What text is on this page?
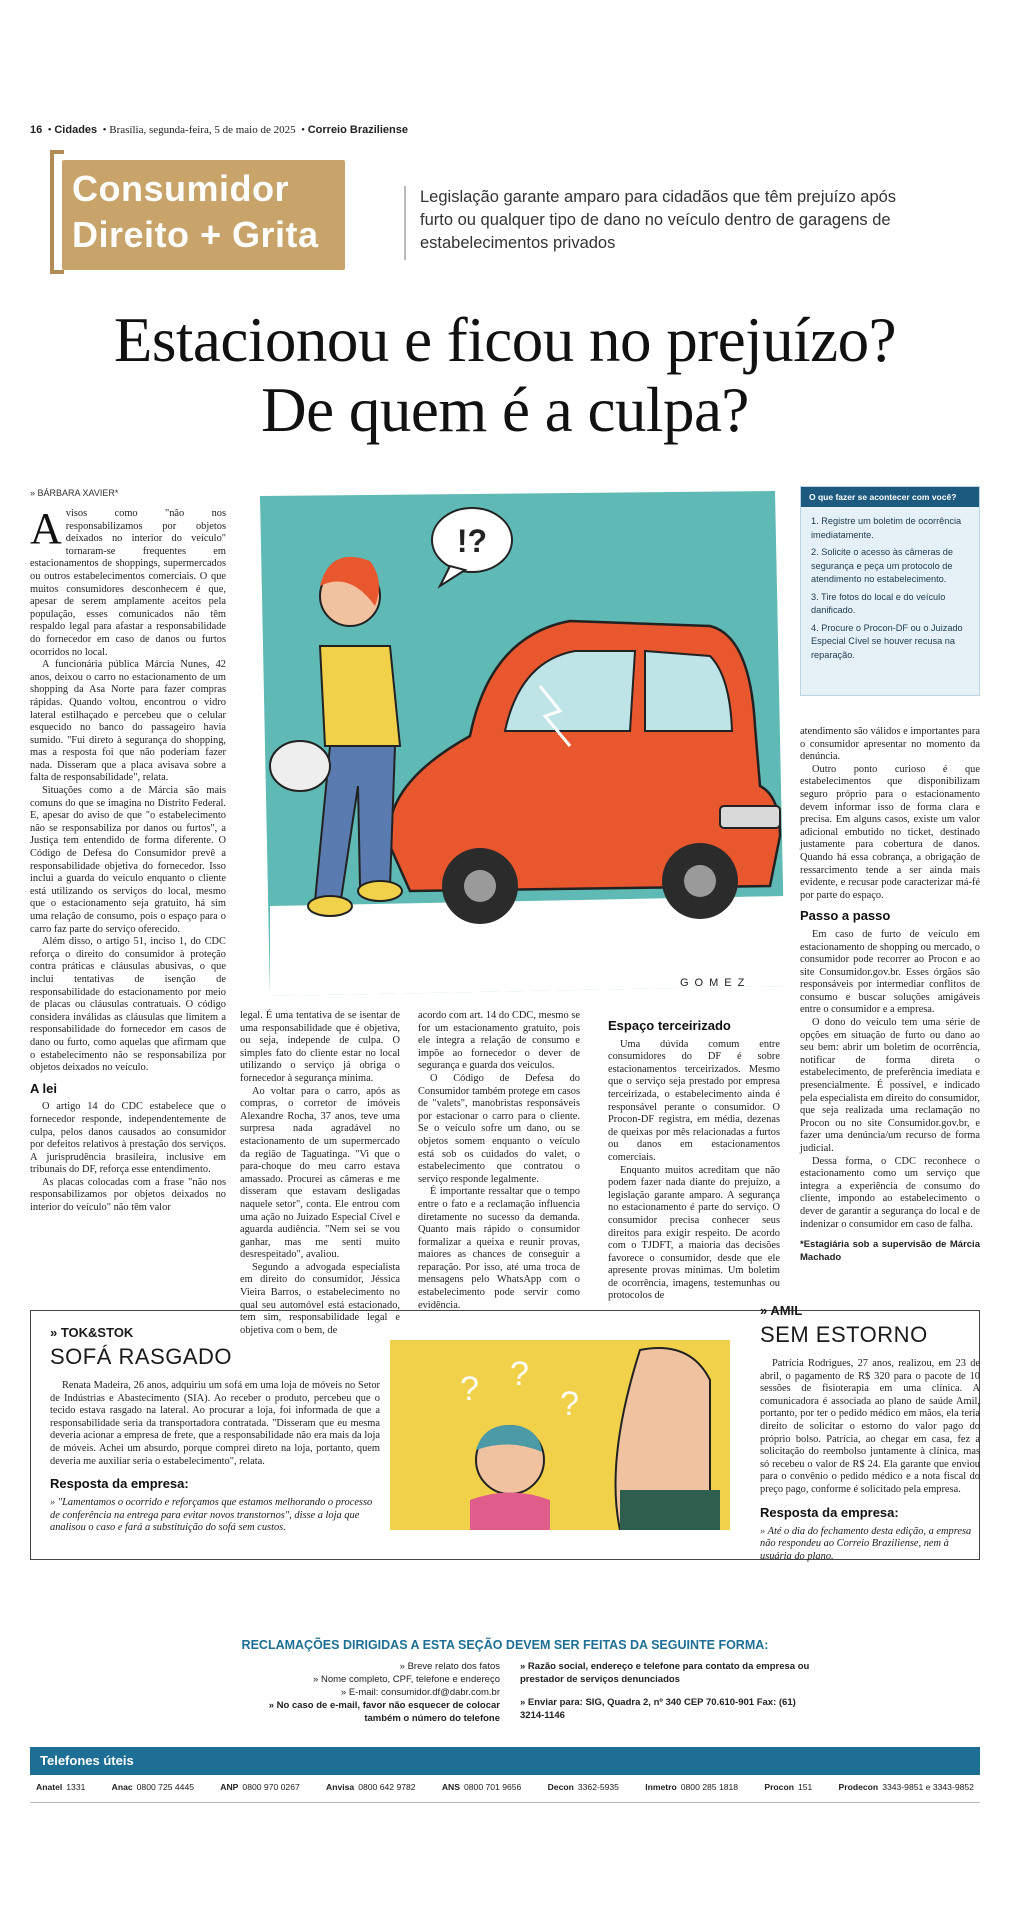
16  • Cidades  • Brasília, segunda-feira, 5 de maio de 2025  • Correio Braziliense
Consumidor
Direito + Grita
Legislação garante amparo para cidadãos que têm prejuízo após furto ou qualquer tipo de dano no veículo dentro de garagens de estabelecimentos privados
Estacionou e ficou no prejuízo?
De quem é a culpa?
» BÁRBARA XAVIER*

Avisos como "não nos responsabilizamos por objetos deixados no interior do veículo" tornaram-se frequentes em estacionamentos de shoppings, supermercados ou outros estabelecimentos comerciais. O que muitos consumidores desconhecem é que, apesar de serem amplamente aceitos pela população, esses comunicados não têm respaldo legal para afastar a responsabilidade do fornecedor em caso de danos ou furtos ocorridos no local.

A funcionária pública Márcia Nunes, 42 anos, deixou o carro no estacionamento de um shopping da Asa Norte para fazer compras rápidas. Quando voltou, encontrou o vidro lateral estilhaçado e percebeu que o celular esquecido no banco do passageiro havia sumido. "Fui direto à segurança do shopping, mas a resposta foi que não poderiam fazer nada. Disseram que a placa avisava sobre a falta de responsabilidade", relata.

Situações como a de Márcia são mais comuns do que se imagina no Distrito Federal. E, apesar do aviso de que "o estabelecimento não se responsabiliza por danos ou furtos", a Justiça tem entendido de forma diferente. O Código de Defesa do Consumidor prevê a responsabilidade objetiva do fornecedor. Isso inclui a guarda do veículo enquanto o cliente está utilizando os serviços do local, mesmo que o estacionamento seja gratuito, há sim uma relação de consumo, pois o espaço para o carro faz parte do serviço oferecido.

Além disso, o artigo 51, inciso 1, do CDC reforça o direito do consumidor à proteção contra práticas e cláusulas abusivas, o que inclui tentativas de isenção de responsabilidade do estacionamento por meio de placas ou cláusulas contratuais. O código considera inválidas as cláusulas que limitem a responsabilidade do fornecedor em casos de dano ou furto, como aquelas que afirmam que o estabelecimento não se responsabiliza por objetos deixados no veículo.

A lei

O artigo 14 do CDC estabelece que o fornecedor responde, independentemente de culpa, pelos danos causados ao consumidor por defeitos relativos à prestação dos serviços. A jurisprudência brasileira, inclusive em tribunais do DF, reforça esse entendimento.

As placas colocadas com a frase "não nos responsabilizamos por objetos deixados no interior do veículo" não têm valor

!?
GOMEZ
O que fazer se acontecer com você?
1. Registre um boletim de ocorrência imediatamente.
2. Solicite o acesso às câmeras de segurança e peça um protocolo de atendimento no estabelecimento.
3. Tire fotos do local e do veículo danificado.
4. Procure o Procon-DF ou o Juizado Especial Cível se houver recusa na reparação.

legal. É uma tentativa de se isentar de uma responsabilidade que é objetiva, ou seja, independe de culpa. O simples fato do cliente estar no local utilizando o serviço já obriga o fornecedor à segurança mínima.

Ao voltar para o carro, após as compras, o corretor de imóveis Alexandre Rocha, 37 anos, teve uma surpresa nada agradável no estacionamento de um supermercado da região de Taguatinga. "Vi que o para-choque do meu carro estava amassado. Procurei as câmeras e me disseram que estavam desligadas naquele setor", conta. Ele entrou com uma ação no Juizado Especial Cível e aguarda audiência. "Nem sei se vou ganhar, mas me senti muito desrespeitado", avaliou.

Segundo a advogada especialista em direito do consumidor, Jéssica Vieira Barros, o estabelecimento no qual seu automóvel está estacionado, tem sim, responsabilidade legal e objetiva com o bem, de

acordo com art. 14 do CDC, mesmo se for um estacionamento gratuito, pois ele integra a relação de consumo e impõe ao fornecedor o dever de segurança e guarda dos veículos.

O Código de Defesa do Consumidor também protege em casos de "valets", manobristas responsáveis por estacionar o carro para o cliente. Se o veículo sofre um dano, ou se objetos somem enquanto o veículo está sob os cuidados do valet, o estabelecimento que contratou o serviço responde legalmente.

É importante ressaltar que o tempo entre o fato e a reclamação influencia diretamente no sucesso da demanda. Quanto mais rápido o consumidor formalizar a queixa e reunir provas, maiores as chances de conseguir a reparação. Por isso, até uma troca de mensagens pelo WhatsApp com o estabelecimento pode servir como evidência.

Espaço terceirizado

Uma dúvida comum entre consumidores do DF é sobre estacionamentos terceirizados. Mesmo que o serviço seja prestado por empresa terceirizada, o estabelecimento ainda é responsável perante o consumidor. O Procon-DF registra, em média, dezenas de queixas por mês relacionadas a furtos ou danos em estacionamentos comerciais.

Enquanto muitos acreditam que não podem fazer nada diante do prejuízo, a legislação garante amparo. A segurança no estacionamento é parte do serviço. O consumidor precisa conhecer seus direitos para exigir respeito. De acordo com o TJDFT, a maioria das decisões favorece o consumidor, desde que ele apresente provas mínimas. Um boletim de ocorrência, imagens, testemunhas ou protocolos de

atendimento são válidos e importantes para o consumidor apresentar no momento da denúncia.

Outro ponto curioso é que estabelecimentos que disponibilizam seguro próprio para o estacionamento devem informar isso de forma clara e precisa. Em alguns casos, existe um valor adicional embutido no ticket, destinado justamente para cobertura de danos. Quando há essa cobrança, a obrigação de ressarcimento tende a ser ainda mais evidente, e recusar pode caracterizar má-fé por parte do espaço.

Passo a passo

Em caso de furto de veículo em estacionamento de shopping ou mercado, o consumidor pode recorrer ao Procon e ao site Consumidor.gov.br. Esses órgãos são responsáveis por intermediar conflitos de consumo e buscar soluções amigáveis entre o consumidor e a empresa.

O dono do veículo tem uma série de opções em situação de furto ou dano ao seu bem: abrir um boletim de ocorrência, notificar de forma direta o estabelecimento, de preferência imediata e presencialmente. É possível, e indicado pela especialista em direito do consumidor, que seja realizada uma reclamação no Procon ou no site Consumidor.gov.br, e fazer uma denúncia/um recurso de forma judicial.

Dessa forma, o CDC reconhece o estacionamento como um serviço que integra a experiência de consumo do cliente, impondo ao estabelecimento o dever de garantir a segurança do local e de indenizar o consumidor em caso de falha.

*Estagiária sob a supervisão de Márcia Machado

» TOK&STOK
SOFÁ RASGADO

Renata Madeira, 26 anos, adquiriu um sofá em uma loja de móveis no Setor de Indústrias e Abastecimento (SIA). Ao receber o produto, percebeu que o tecido estava rasgado na lateral. Ao procurar a loja, foi informada de que a responsabilidade seria da transportadora contratada. "Disseram que eu mesma deveria acionar a empresa de frete, que a responsabilidade não era mais da loja de móveis. Achei um absurdo, porque comprei direto na loja, portanto, quem deveria me auxiliar seria o estabelecimento", relata.

Resposta da empresa:

» "Lamentamos o ocorrido e reforçamos que estamos melhorando o processo de conferência na entrega para evitar novos transtornos", disse a loja que analisou o caso e fará a substituição do sofá sem custos.

? ?
?
» AMIL
SEM ESTORNO

Patrícia Rodrigues, 27 anos, realizou, em 23 de abril, o pagamento de R$ 320 para o pacote de 10 sessões de fisioterapia em uma clínica. A comunicadora é associada ao plano de saúde Amil, portanto, por ter o pedido médico em mãos, ela teria direito de solicitar o estorno do valor pago do próprio bolso. Patrícia, ao chegar em casa, fez a solicitação do reembolso juntamente à clínica, mas só recebeu o valor de R$ 24. Ela garante que enviou para o convênio o pedido médico e a nota fiscal do preço pago, conforme é solicitado pela empresa.

Resposta da empresa:

» Até o dia do fechamento desta edição, a empresa não respondeu ao Correio Braziliense, nem à usuária do plano.

RECLAMAÇÕES DIRIGIDAS A ESTA SEÇÃO DEVEM SER FEITAS DA SEGUINTE FORMA:
» Breve relato dos fatos
» Nome completo, CPF, telefone e endereço
» E-mail: consumidor.df@dabr.com.br
» No caso de e-mail, favor não esquecer de colocar também o número do telefone
» Razão social, endereço e telefone para contato da empresa ou prestador de serviços denunciados
» Enviar para: SIG, Quadra 2, nº 340 CEP 70.610-901 Fax: (61) 3214-1146
Telefones úteis
Anatel 1331	Anac 0800 725 4445	ANP 0800 970 0267	Anvisa 0800 642 9782	ANS 0800 701 9656	Decon 3362-5935	Inmetro 0800 285 1818	Procon 151	Prodecon 3343-9851 e 3343-9852
